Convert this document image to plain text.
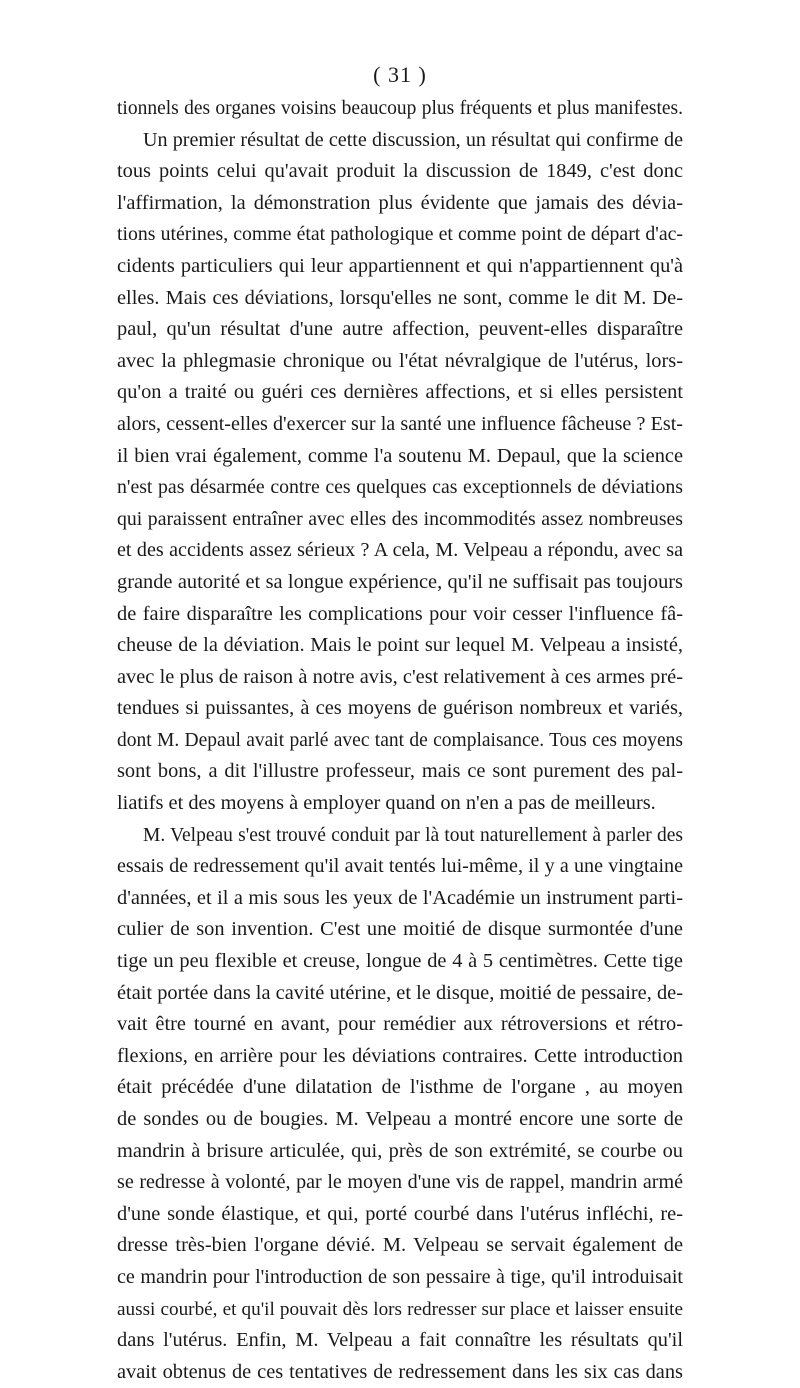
( 31 )
tionnels des organes voisins beaucoup plus fréquents et plus manifestes.
Un premier résultat de cette discussion, un résultat qui confirme de
tous points celui qu'avait produit la discussion de 1849, c'est donc
l'affirmation, la démonstration plus évidente que jamais des dévia-
tions utérines, comme état pathologique et comme point de départ d'ac-
cidents particuliers qui leur appartiennent et qui n'appartiennent qu'à
elles. Mais ces déviations, lorsqu'elles ne sont, comme le dit M. De-
paul, qu'un résultat d'une autre affection, peuvent-elles disparaître
avec la phlegmasie chronique ou l'état névralgique de l'utérus, lors-
qu'on a traité ou guéri ces dernières affections, et si elles persistent
alors, cessent-elles d'exercer sur la santé une influence fâcheuse ? Est-
il bien vrai également, comme l'a soutenu M. Depaul, que la science
n'est pas désarmée contre ces quelques cas exceptionnels de déviations
qui paraissent entraîner avec elles des incommodités assez nombreuses
et des accidents assez sérieux ? A cela, M. Velpeau a répondu, avec sa
grande autorité et sa longue expérience, qu'il ne suffisait pas toujours
de faire disparaître les complications pour voir cesser l'influence fâ-
cheuse de la déviation. Mais le point sur lequel M. Velpeau a insisté,
avec le plus de raison à notre avis, c'est relativement à ces armes pré-
tendues si puissantes, à ces moyens de guérison nombreux et variés,
dont M. Depaul avait parlé avec tant de complaisance. Tous ces moyens
sont bons, a dit l'illustre professeur, mais ce sont purement des pal-
liatifs et des moyens à employer quand on n'en a pas de meilleurs.
M. Velpeau s'est trouvé conduit par là tout naturellement à parler des
essais de redressement qu'il avait tentés lui-même, il y a une vingtaine
d'années, et il a mis sous les yeux de l'Académie un instrument parti-
culier de son invention. C'est une moitié de disque surmontée d'une
tige un peu flexible et creuse, longue de 4 à 5 centimètres. Cette tige
était portée dans la cavité utérine, et le disque, moitié de pessaire, de-
vait être tourné en avant, pour remédier aux rétroversions et rétro-
flexions, en arrière pour les déviations contraires. Cette introduction
était précédée d'une dilatation de l'isthme de l'organe , au moyen
de sondes ou de bougies. M. Velpeau a montré encore une sorte de
mandrin à brisure articulée, qui, près de son extrémité, se courbe ou
se redresse à volonté, par le moyen d'une vis de rappel, mandrin armé
d'une sonde élastique, et qui, porté courbé dans l'utérus infléchi, re-
dresse très-bien l'organe dévié. M. Velpeau se servait également de
ce mandrin pour l'introduction de son pessaire à tige, qu'il introduisait
aussi courbé, et qu'il pouvait dès lors redresser sur place et laisser ensuite
dans l'utérus. Enfin, M. Velpeau a fait connaître les résultats qu'il
avait obtenus de ces tentatives de redressement dans les six cas dans
